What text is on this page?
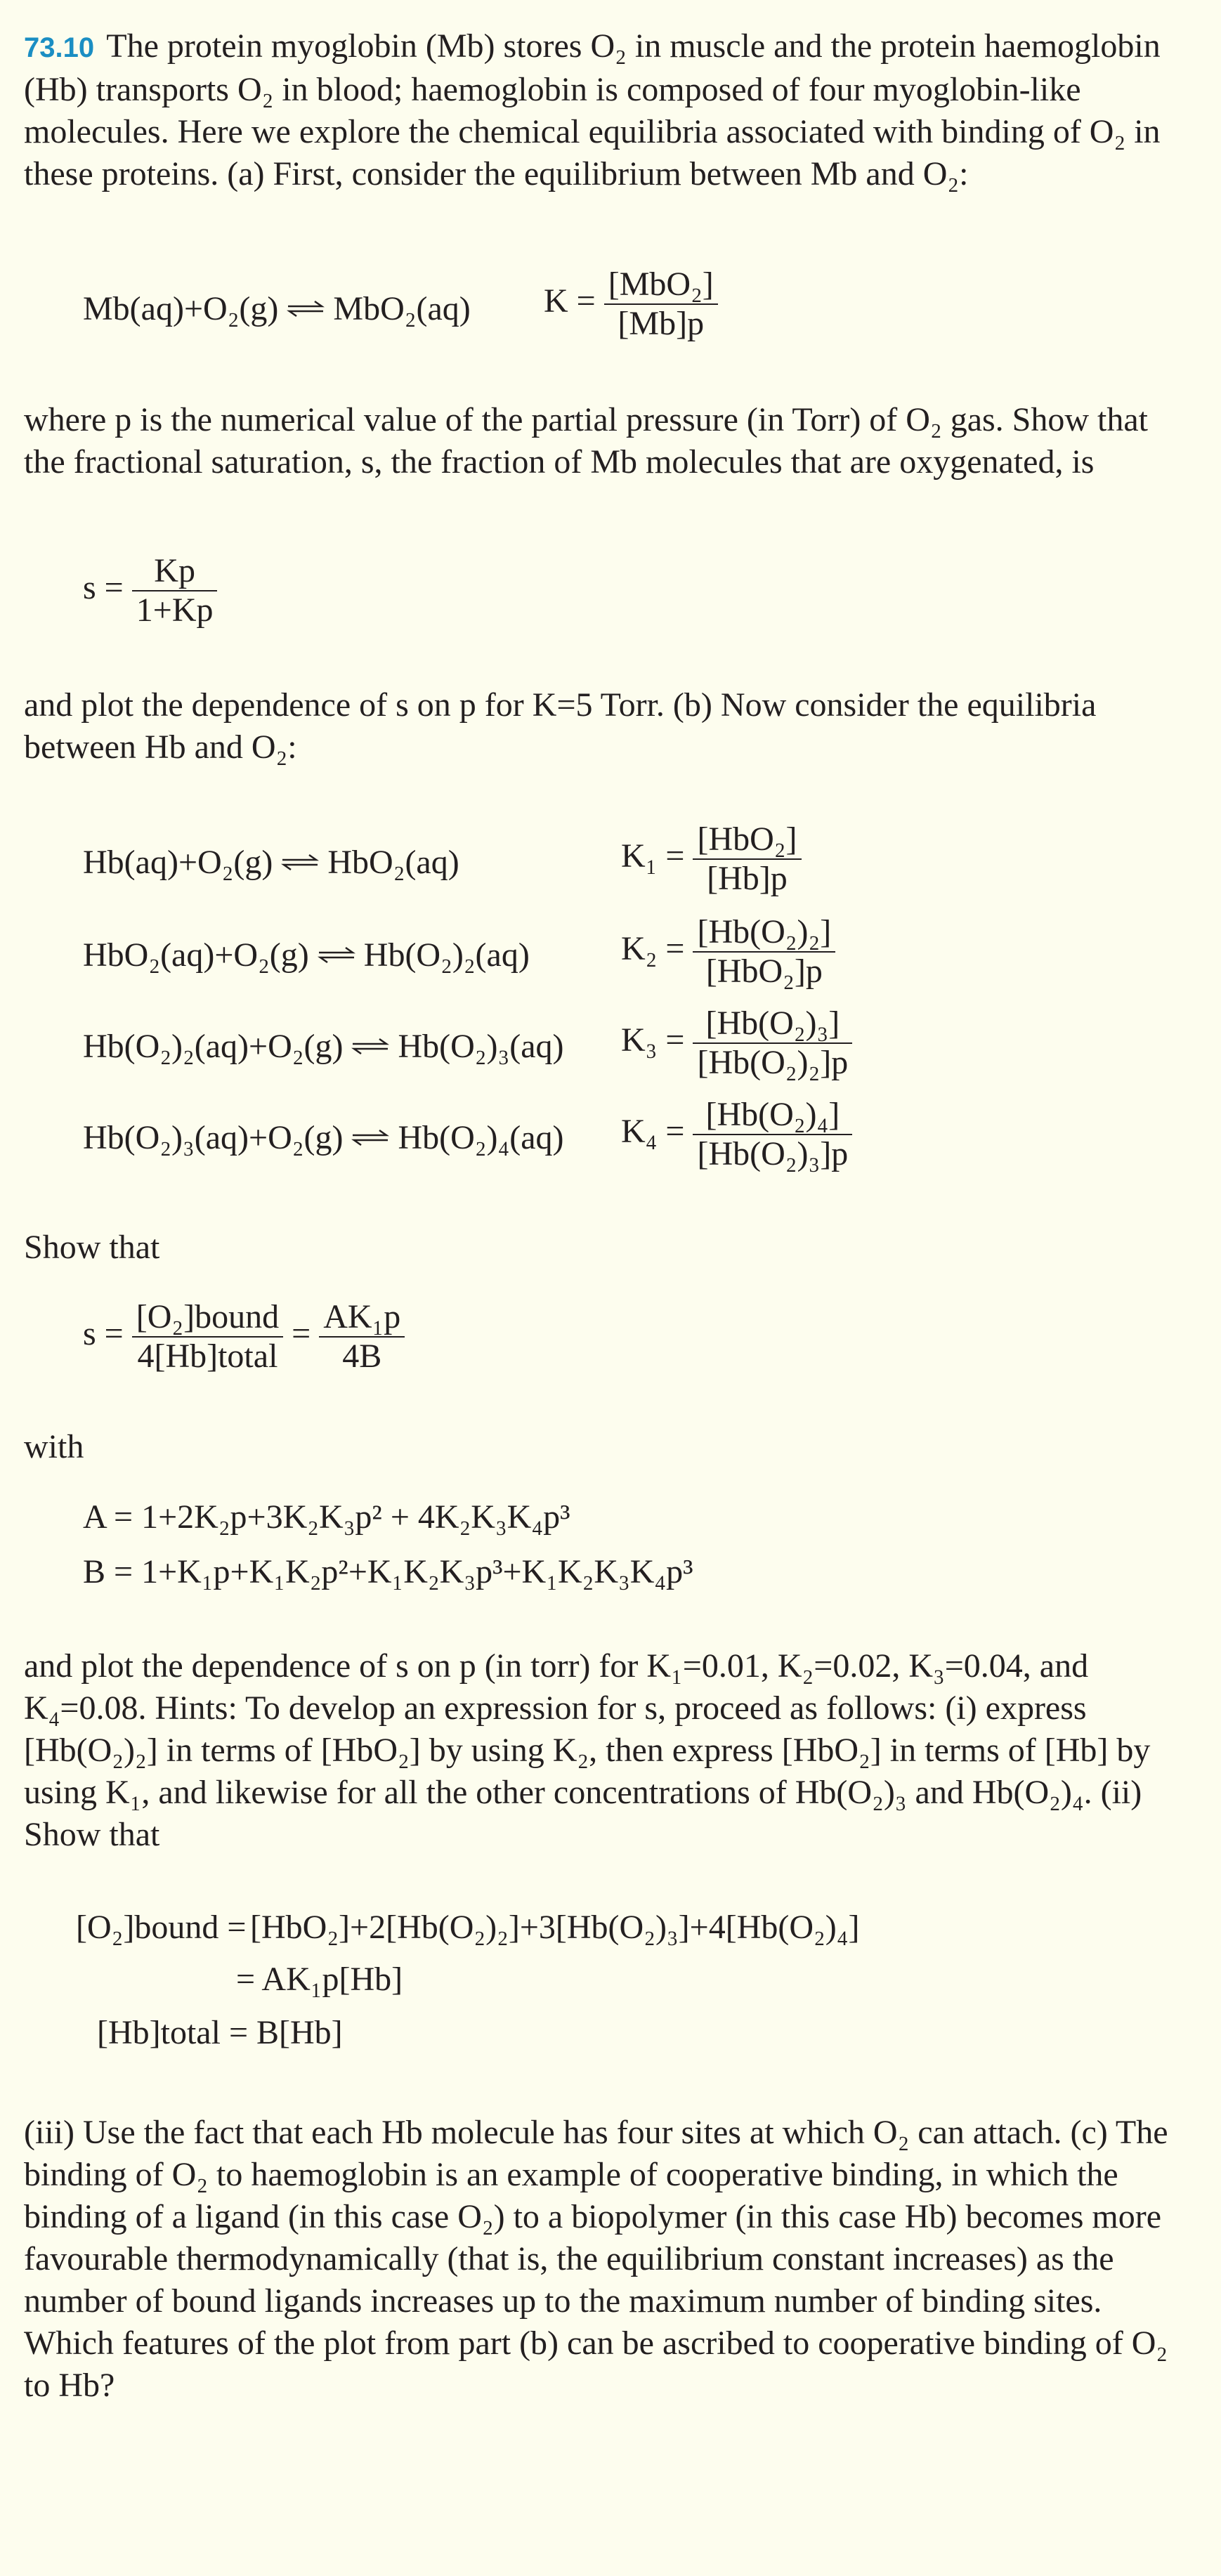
73.10 The protein myoglobin (Mb) stores O₂ in muscle and the protein haemoglobin (Hb) transports O₂ in blood; haemoglobin is composed of four myoglobin-like molecules. Here we explore the chemical equilibria associated with binding of O₂ in these proteins. (a) First, consider the equilibrium between Mb and O₂:

Mb(aq)+O₂(g) ⇌ MbO₂(aq) $K = \frac{\text{[MbO₂]}}{[Mb]p}$

where p is the numerical value of the partial pressure (in Torr) of O₂ gas. Show that the fractional saturation, s, the fraction of Mb molecules that are oxygenated, is

$s = \frac{Kp}{1+Kp}$

and plot the dependence of s on p for K=5 Torr. (b) Now consider the equilibria between Hb and O₂:

Hb(aq)+O₂(g) ⇌ HbO₂(aq)	$K_1 = \frac{\text{[HbO₂]}}{[Hb]p}$
HbO₂(aq)+O₂(g) ⇌ Hb(O₂)₂(aq)	$K_2 = \frac{\text{[Hb(O₂)₂]}}{\text{[HbO₂]p}}$
Hb(O₂)₂(aq)+O₂(g) ⇌ Hb(O₂)₃(aq) $K_3 = \frac{\text{[Hb(O₂)₃]}}{\text{[Hb(O₂)₂]p}}$
Hb(O₂)₃(aq)+O₂(g) ⇌ Hb(O₂)₄(aq) $K_4 = \frac{\text{[Hb(O₂)₄]}}{\text{[Hb(O₂)₃]p}}$

Show that

$s = \frac{\text{[O₂]bound}}{\text{4[Hb]total}} = \frac{\text{AK₁p}}{4B}$

with

A = 1+2K₂p+3K₂K₃p² + 4K₂K₃K₄p³
B = 1+K₁p+K₁K₂p²+K₁K₂K₃p³+K₁K₂K₃K₄p³

and plot the dependence of s on p (in torr) for K₁=0.01, K₂=0.02, K₃=0.04, and K₄=0.08. Hints: To develop an expression for s, proceed as follows: (i) express [Hb(O₂)₂] in terms of [HbO₂] by using K₂, then express [HbO₂] in terms of [Hb] by using K₁, and likewise for all the other concentrations of Hb(O₂)₃ and Hb(O₂)₄. (ii) Show that

[O₂]bound = [HbO₂]+2[Hb(O₂)₂]+3[Hb(O₂)₃]+4[Hb(O₂)₄]
= AK₁p[Hb]
[Hb]total = B[Hb]

(iii) Use the fact that each Hb molecule has four sites at which O₂ can attach. (c) The binding of O₂ to haemoglobin is an example of cooperative binding, in which the binding of a ligand (in this case O₂) to a biopolymer (in this case Hb) becomes more favourable thermodynamically (that is, the equilibrium constant increases) as the number of bound ligands increases up to the maximum number of binding sites. Which features of the plot from part (b) can be ascribed to cooperative binding of O₂ to Hb?
